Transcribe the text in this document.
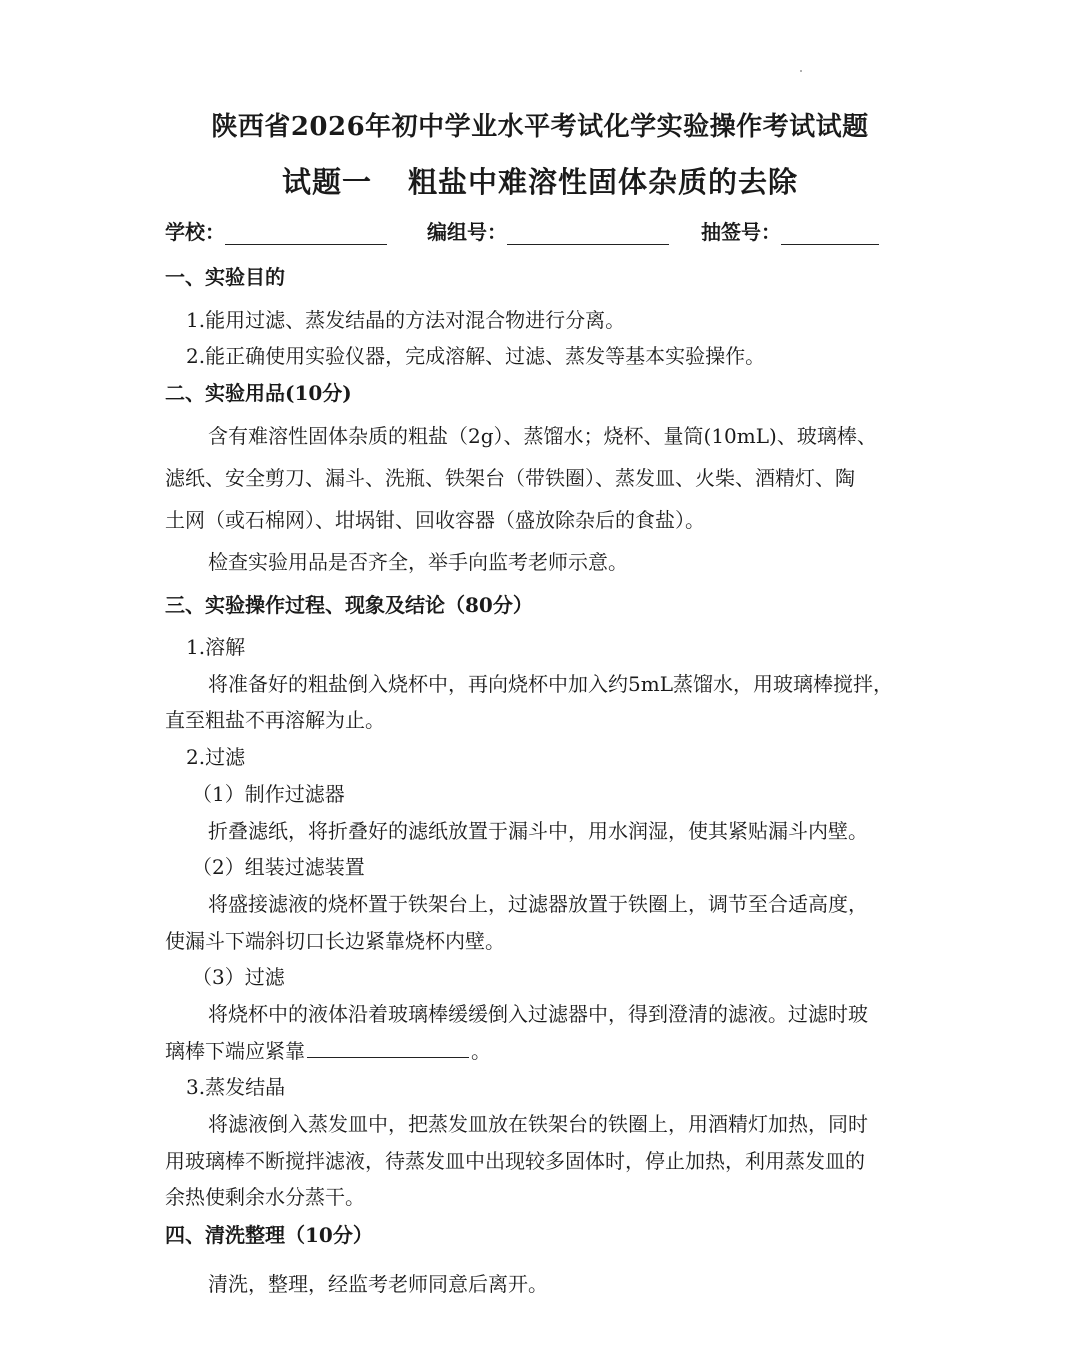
陕西省2026年初中学业水平考试化学实验操作考试试题
试题一 粗盐中难溶性固体杂质的去除
学校：	编组号：	抽签号：
一、实验目的
1.能用过滤、蒸发结晶的方法对混合物进行分离。
2.能正确使用实验仪器，完成溶解、过滤、蒸发等基本实验操作。
二、实验用品(10分)
含有难溶性固体杂质的粗盐（2g）、蒸馏水；烧杯、量筒(10mL)、玻璃棒、
滤纸、安全剪刀、漏斗、洗瓶、铁架台（带铁圈）、蒸发皿、火柴、酒精灯、陶
土网（或石棉网）、坩埚钳、回收容器（盛放除杂后的食盐）。
检查实验用品是否齐全，举手向监考老师示意。
三、实验操作过程、现象及结论（80分）
1.溶解
将准备好的粗盐倒入烧杯中，再向烧杯中加入约5mL蒸馏水，用玻璃棒搅拌，
直至粗盐不再溶解为止。
2.过滤
（1）制作过滤器
折叠滤纸，将折叠好的滤纸放置于漏斗中，用水润湿，使其紧贴漏斗内壁。
（2）组装过滤装置
将盛接滤液的烧杯置于铁架台上，过滤器放置于铁圈上，调节至合适高度，
使漏斗下端斜切口长边紧靠烧杯内壁。
（3）过滤
将烧杯中的液体沿着玻璃棒缓缓倒入过滤器中，得到澄清的滤液。过滤时玻
璃棒下端应紧靠	。
3.蒸发结晶
将滤液倒入蒸发皿中，把蒸发皿放在铁架台的铁圈上，用酒精灯加热，同时
用玻璃棒不断搅拌滤液，待蒸发皿中出现较多固体时，停止加热，利用蒸发皿的
余热使剩余水分蒸干。
四、清洗整理（10分）
清洗，整理，经监考老师同意后离开。
